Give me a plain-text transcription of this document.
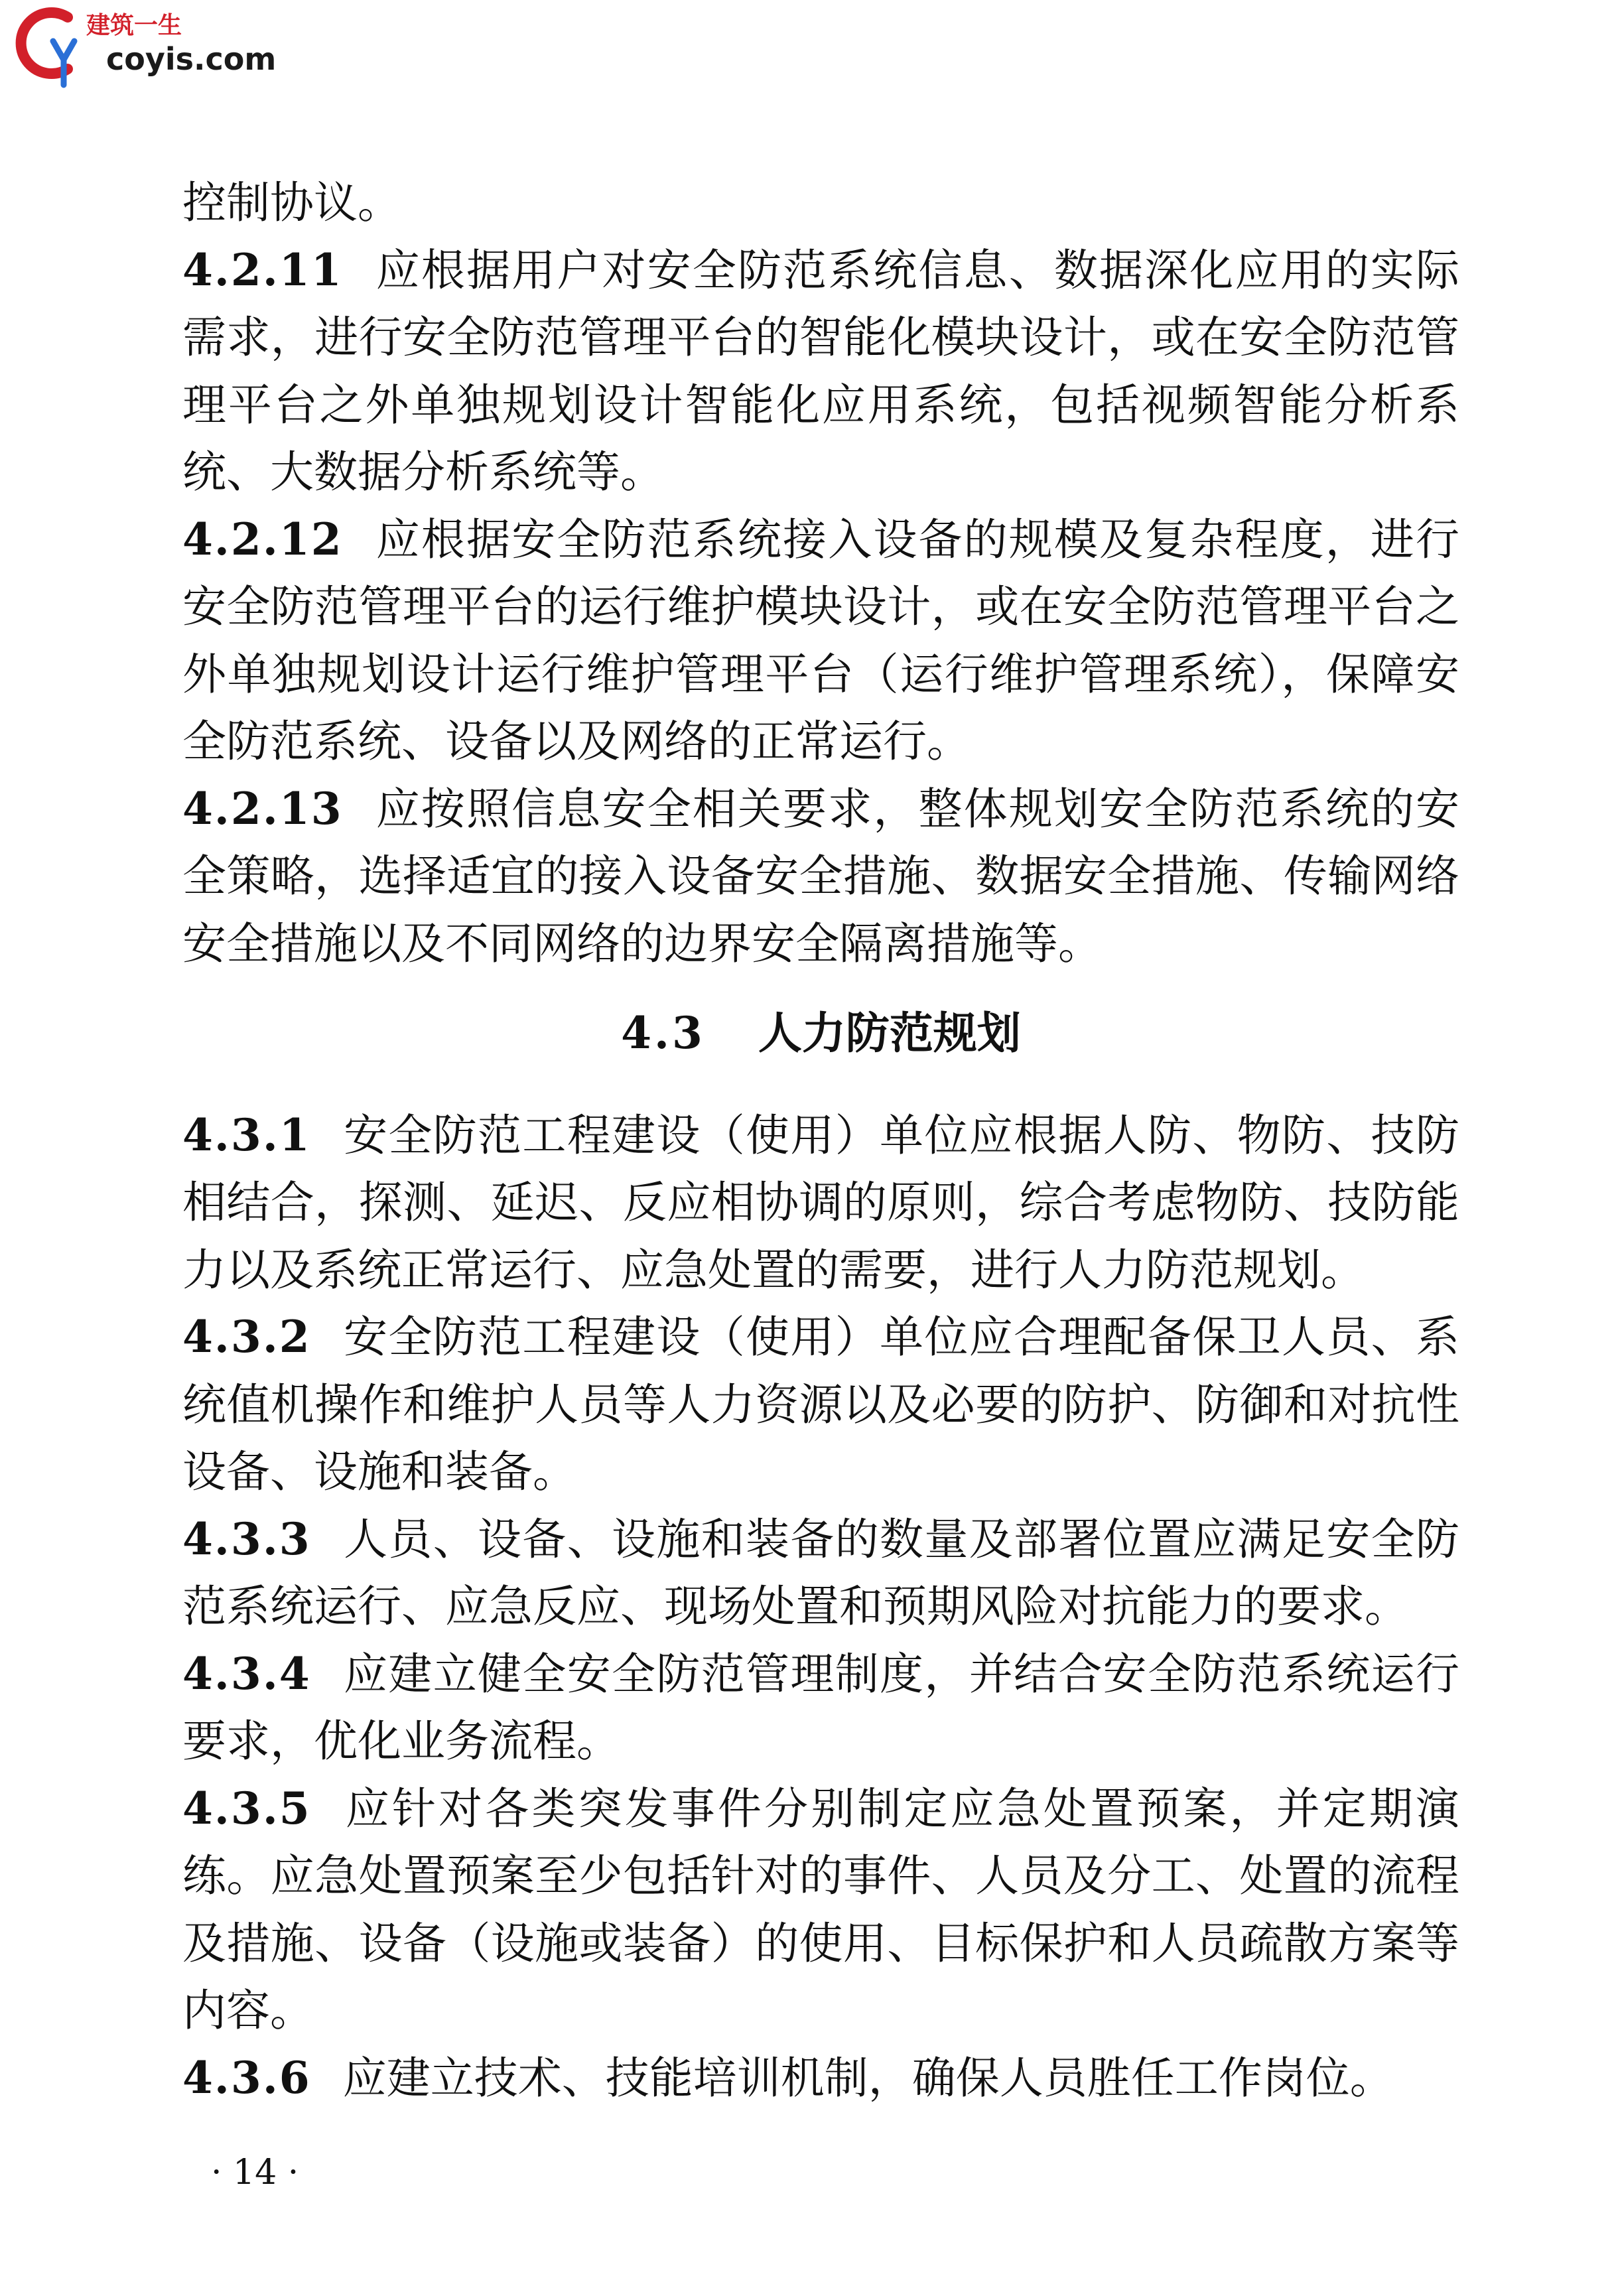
建筑一生
coyis.com

控制协议。

4.2.11 应根据用户对安全防范系统信息、数据深化应用的实际需求，进行安全防范管理平台的智能化模块设计，或在安全防范管理平台之外单独规划设计智能化应用系统，包括视频智能分析系统、大数据分析系统等。

4.2.12 应根据安全防范系统接入设备的规模及复杂程度，进行安全防范管理平台的运行维护模块设计，或在安全防范管理平台之外单独规划设计运行维护管理平台（运行维护管理系统），保障安全防范系统、设备以及网络的正常运行。

4.2.13 应按照信息安全相关要求，整体规划安全防范系统的安全策略，选择适宜的接入设备安全措施、数据安全措施、传输网络安全措施以及不同网络的边界安全隔离措施等。

4.3 人力防范规划

4.3.1 安全防范工程建设（使用）单位应根据人防、物防、技防相结合，探测、延迟、反应相协调的原则，综合考虑物防、技防能力以及系统正常运行、应急处置的需要，进行人力防范规划。

4.3.2 安全防范工程建设（使用）单位应合理配备保卫人员、系统值机操作和维护人员等人力资源以及必要的防护、防御和对抗性设备、设施和装备。

4.3.3 人员、设备、设施和装备的数量及部署位置应满足安全防范系统运行、应急反应、现场处置和预期风险对抗能力的要求。

4.3.4 应建立健全安全防范管理制度，并结合安全防范系统运行要求，优化业务流程。

4.3.5 应针对各类突发事件分别制定应急处置预案，并定期演练。应急处置预案至少包括针对的事件、人员及分工、处置的流程及措施、设备（设施或装备）的使用、目标保护和人员疏散方案等内容。

4.3.6 应建立技术、技能培训机制，确保人员胜任工作岗位。

· 14 ·
